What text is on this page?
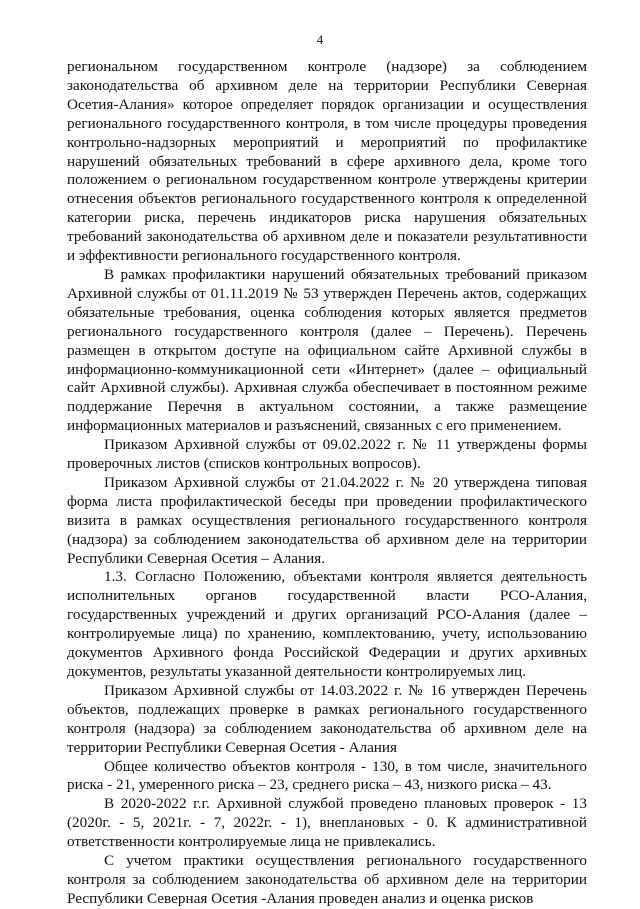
4

региональном государственном контроле (надзоре) за соблюдением законодательства об архивном деле на территории Республики Северная Осетия-Алания» которое определяет порядок организации и осуществления регионального государственного контроля, в том числе процедуры проведения контрольно-надзорных мероприятий и мероприятий по профилактике нарушений обязательных требований в сфере архивного дела, кроме того положением о региональном государственном контроле утверждены критерии отнесения объектов регионального государственного контроля к определенной категории риска, перечень индикаторов риска нарушения обязательных требований законодательства об архивном деле и показатели результативности и эффективности регионального государственного контроля.

В рамках профилактики нарушений обязательных требований приказом Архивной службы от 01.11.2019 № 53 утвержден Перечень актов, содержащих обязательные требования, оценка соблюдения которых является предметов регионального государственного контроля (далее – Перечень). Перечень размещен в открытом доступе на официальном сайте Архивной службы в информационно-коммуникационной сети «Интернет» (далее – официальный сайт Архивной службы). Архивная служба обеспечивает в постоянном режиме поддержание Перечня в актуальном состоянии, а также размещение информационных материалов и разъяснений, связанных с его применением.

Приказом Архивной службы от 09.02.2022 г. № 11 утверждены формы проверочных листов (списков контрольных вопросов).

Приказом Архивной службы от 21.04.2022 г. № 20 утверждена типовая форма листа профилактической беседы при проведении профилактического визита в рамках осуществления регионального государственного контроля (надзора) за соблюдением законодательства об архивном деле на территории Республики Северная Осетия – Алания.

1.3. Согласно Положению, объектами контроля является деятельность исполнительных органов государственной власти РСО-Алания, государственных учреждений и других организаций РСО-Алания (далее – контролируемые лица) по хранению, комплектованию, учету, использованию документов Архивного фонда Российской Федерации и других архивных документов, результаты указанной деятельности контролируемых лиц.

Приказом Архивной службы от 14.03.2022 г. № 16 утвержден Перечень объектов, подлежащих проверке в рамках регионального государственного контроля (надзора) за соблюдением законодательства об архивном деле на территории Республики Северная Осетия - Алания

Общее количество объектов контроля - 130, в том числе, значительного риска - 21, умеренного риска – 23, среднего риска – 43, низкого риска – 43.

В 2020-2022 г.г. Архивной службой проведено плановых проверок - 13 (2020г. - 5, 2021г. - 7, 2022г. - 1), внеплановых - 0. К административной ответственности контролируемые лица не привлекались.

С учетом практики осуществления регионального государственного контроля за соблюдением законодательства об архивном деле на территории Республики Северная Осетия -Алания проведен анализ и оценка рисков
